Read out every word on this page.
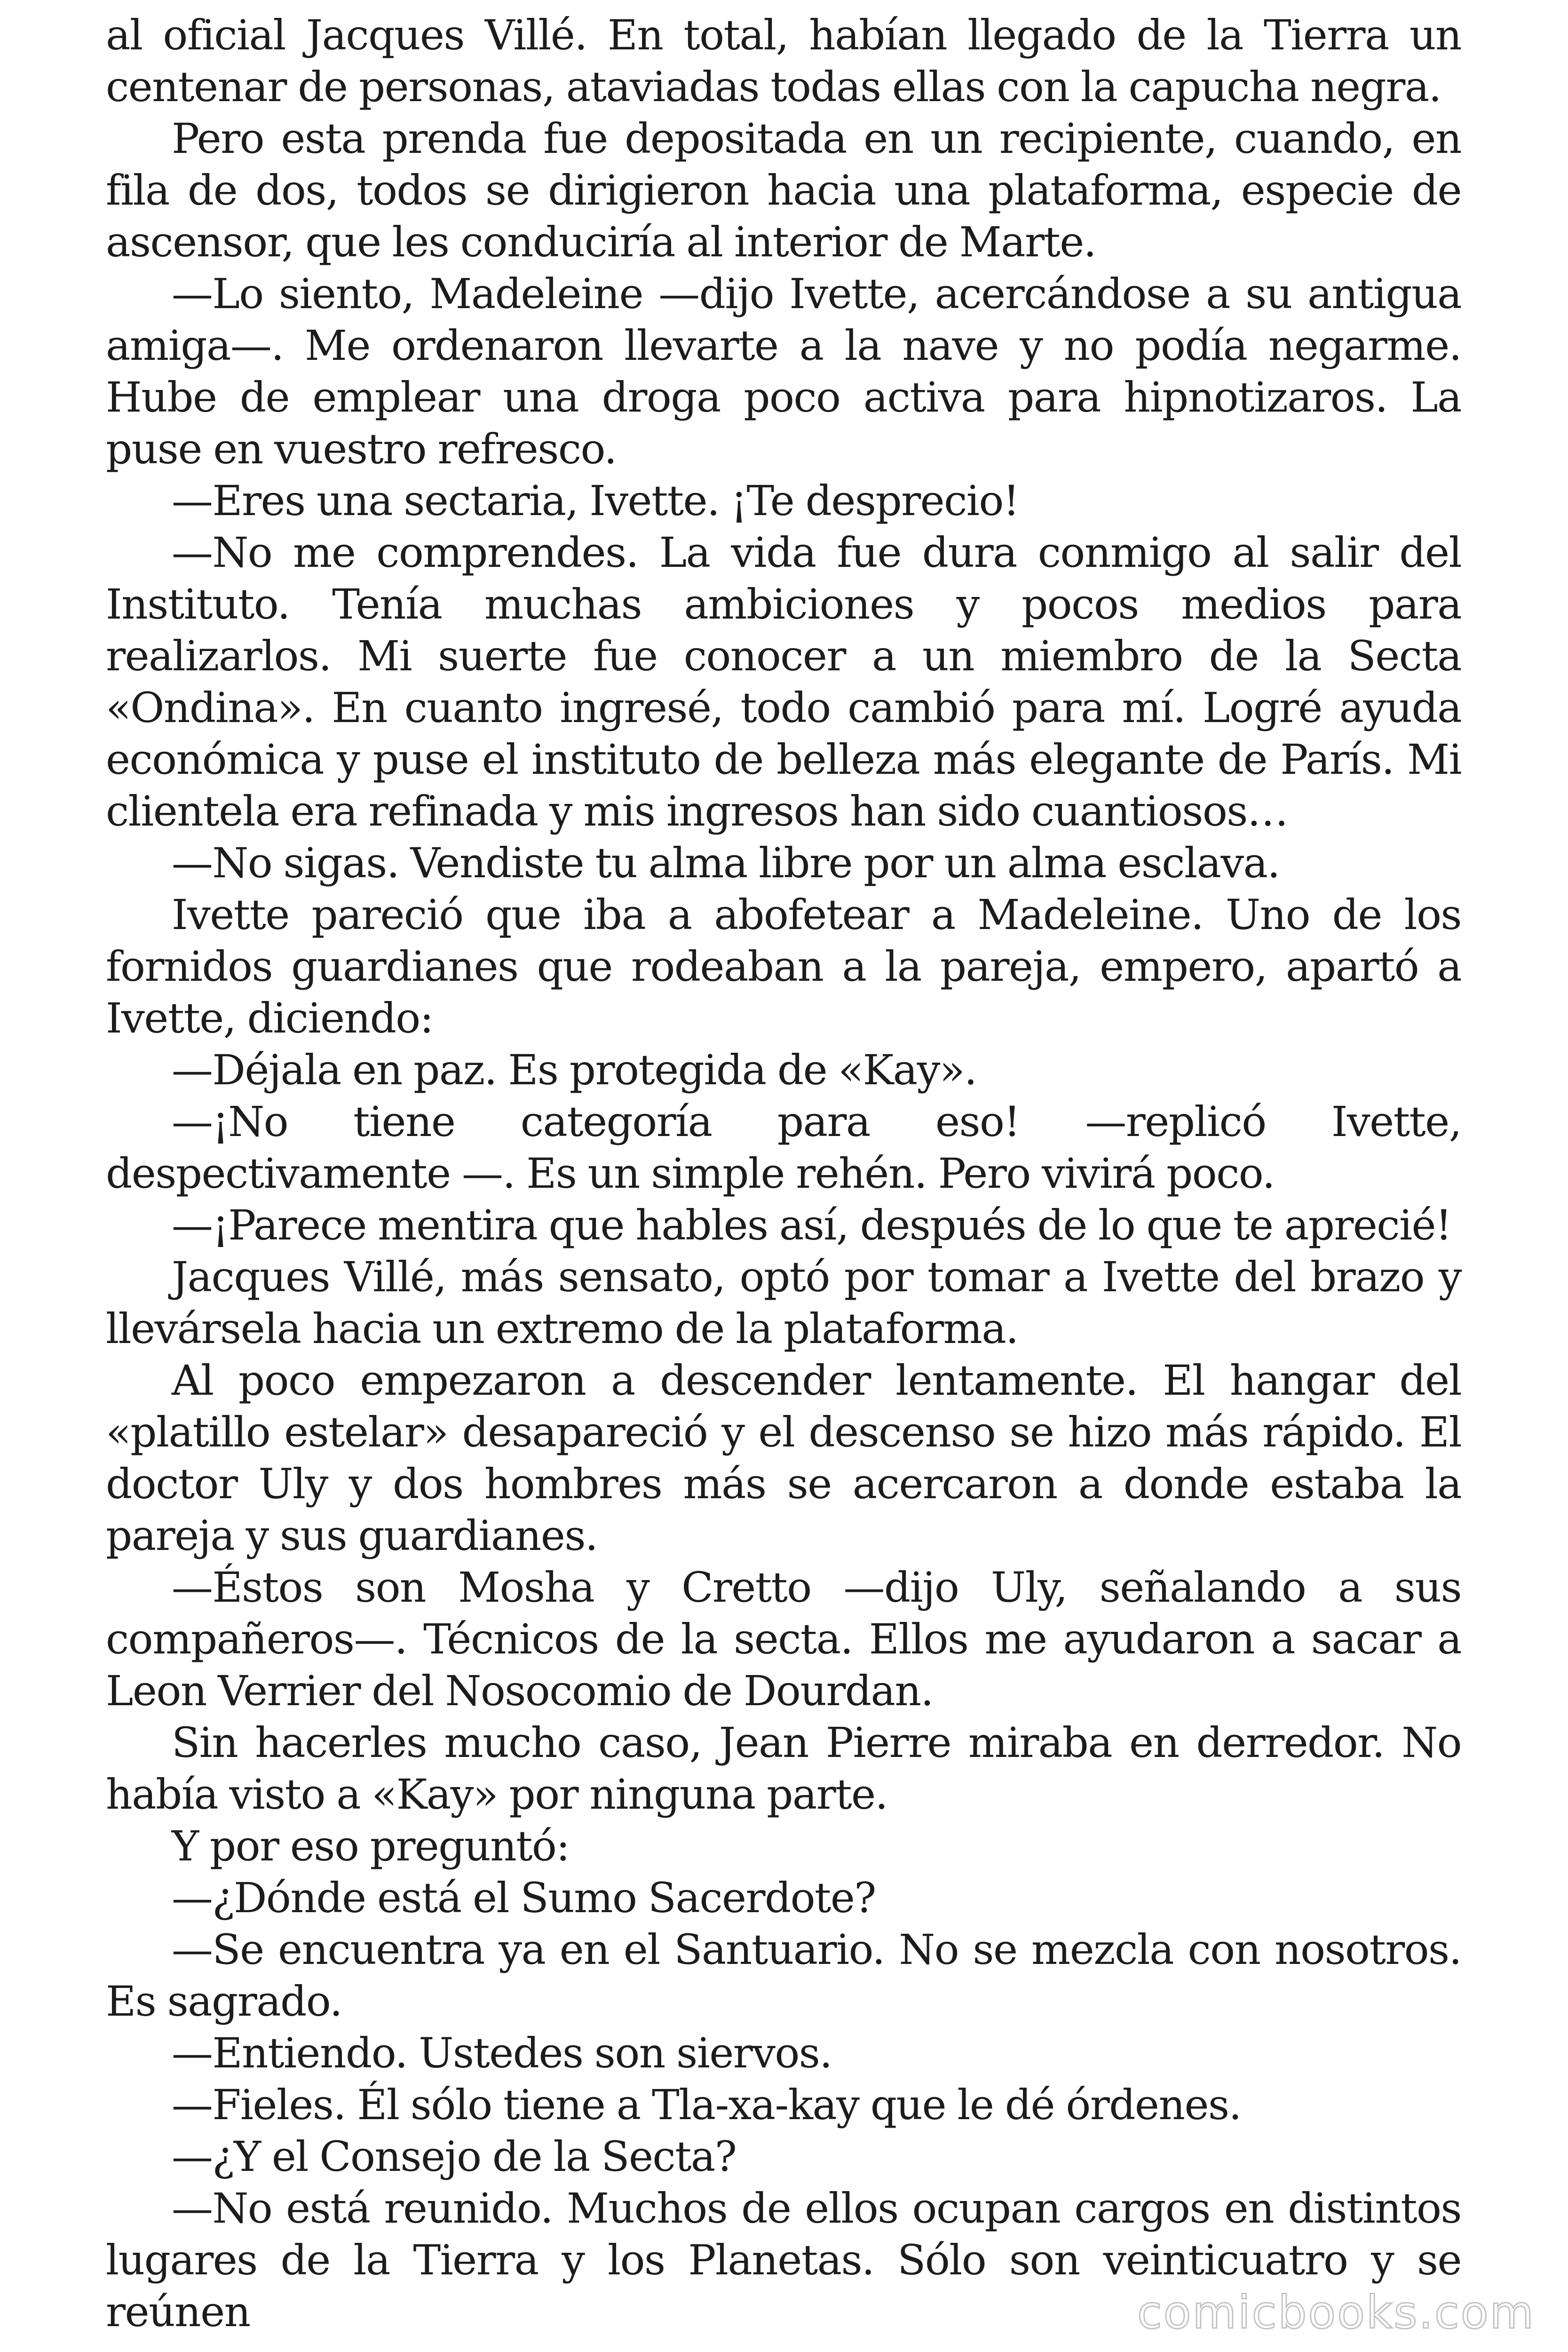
al oficial Jacques Villé. En total, habían llegado de la Tierra un centenar de personas, ataviadas todas ellas con la capucha negra.

Pero esta prenda fue depositada en un recipiente, cuando, en fila de dos, todos se dirigieron hacia una plataforma, especie de ascensor, que les conduciría al interior de Marte.

—Lo siento, Madeleine —dijo Ivette, acercándose a su antigua amiga—. Me ordenaron llevarte a la nave y no podía negarme. Hube de emplear una droga poco activa para hipnotizaros. La puse en vuestro refresco.

—Eres una sectaria, Ivette. ¡Te desprecio!

—No me comprendes. La vida fue dura conmigo al salir del Instituto. Tenía muchas ambiciones y pocos medios para realizarlos. Mi suerte fue conocer a un miembro de la Secta «Ondina». En cuanto ingresé, todo cambió para mí. Logré ayuda económica y puse el instituto de belleza más elegante de París. Mi clientela era refinada y mis ingresos han sido cuantiosos…

—No sigas. Vendiste tu alma libre por un alma esclava.

Ivette pareció que iba a abofetear a Madeleine. Uno de los fornidos guardianes que rodeaban a la pareja, empero, apartó a Ivette, diciendo:

—Déjala en paz. Es protegida de «Kay».

—¡No tiene categoría para eso! —replicó Ivette, despectivamente —. Es un simple rehén. Pero vivirá poco.

—¡Parece mentira que hables así, después de lo que te aprecié!

Jacques Villé, más sensato, optó por tomar a Ivette del brazo y llevársela hacia un extremo de la plataforma.

Al poco empezaron a descender lentamente. El hangar del «platillo estelar» desapareció y el descenso se hizo más rápido. El doctor Uly y dos hombres más se acercaron a donde estaba la pareja y sus guardianes.

—Éstos son Mosha y Cretto —dijo Uly, señalando a sus compañeros—. Técnicos de la secta. Ellos me ayudaron a sacar a Leon Verrier del Nosocomio de Dourdan.

Sin hacerles mucho caso, Jean Pierre miraba en derredor. No había visto a «Kay» por ninguna parte.

Y por eso preguntó:

—¿Dónde está el Sumo Sacerdote?

—Se encuentra ya en el Santuario. No se mezcla con nosotros. Es sagrado.

—Entiendo. Ustedes son siervos.

—Fieles. Él sólo tiene a Tla-xa-kay que le dé órdenes.

—¿Y el Consejo de la Secta?

—No está reunido. Muchos de ellos ocupan cargos en distintos lugares de la Tierra y los Planetas. Sólo son veinticuatro y se reúnen	comicbooks.com
